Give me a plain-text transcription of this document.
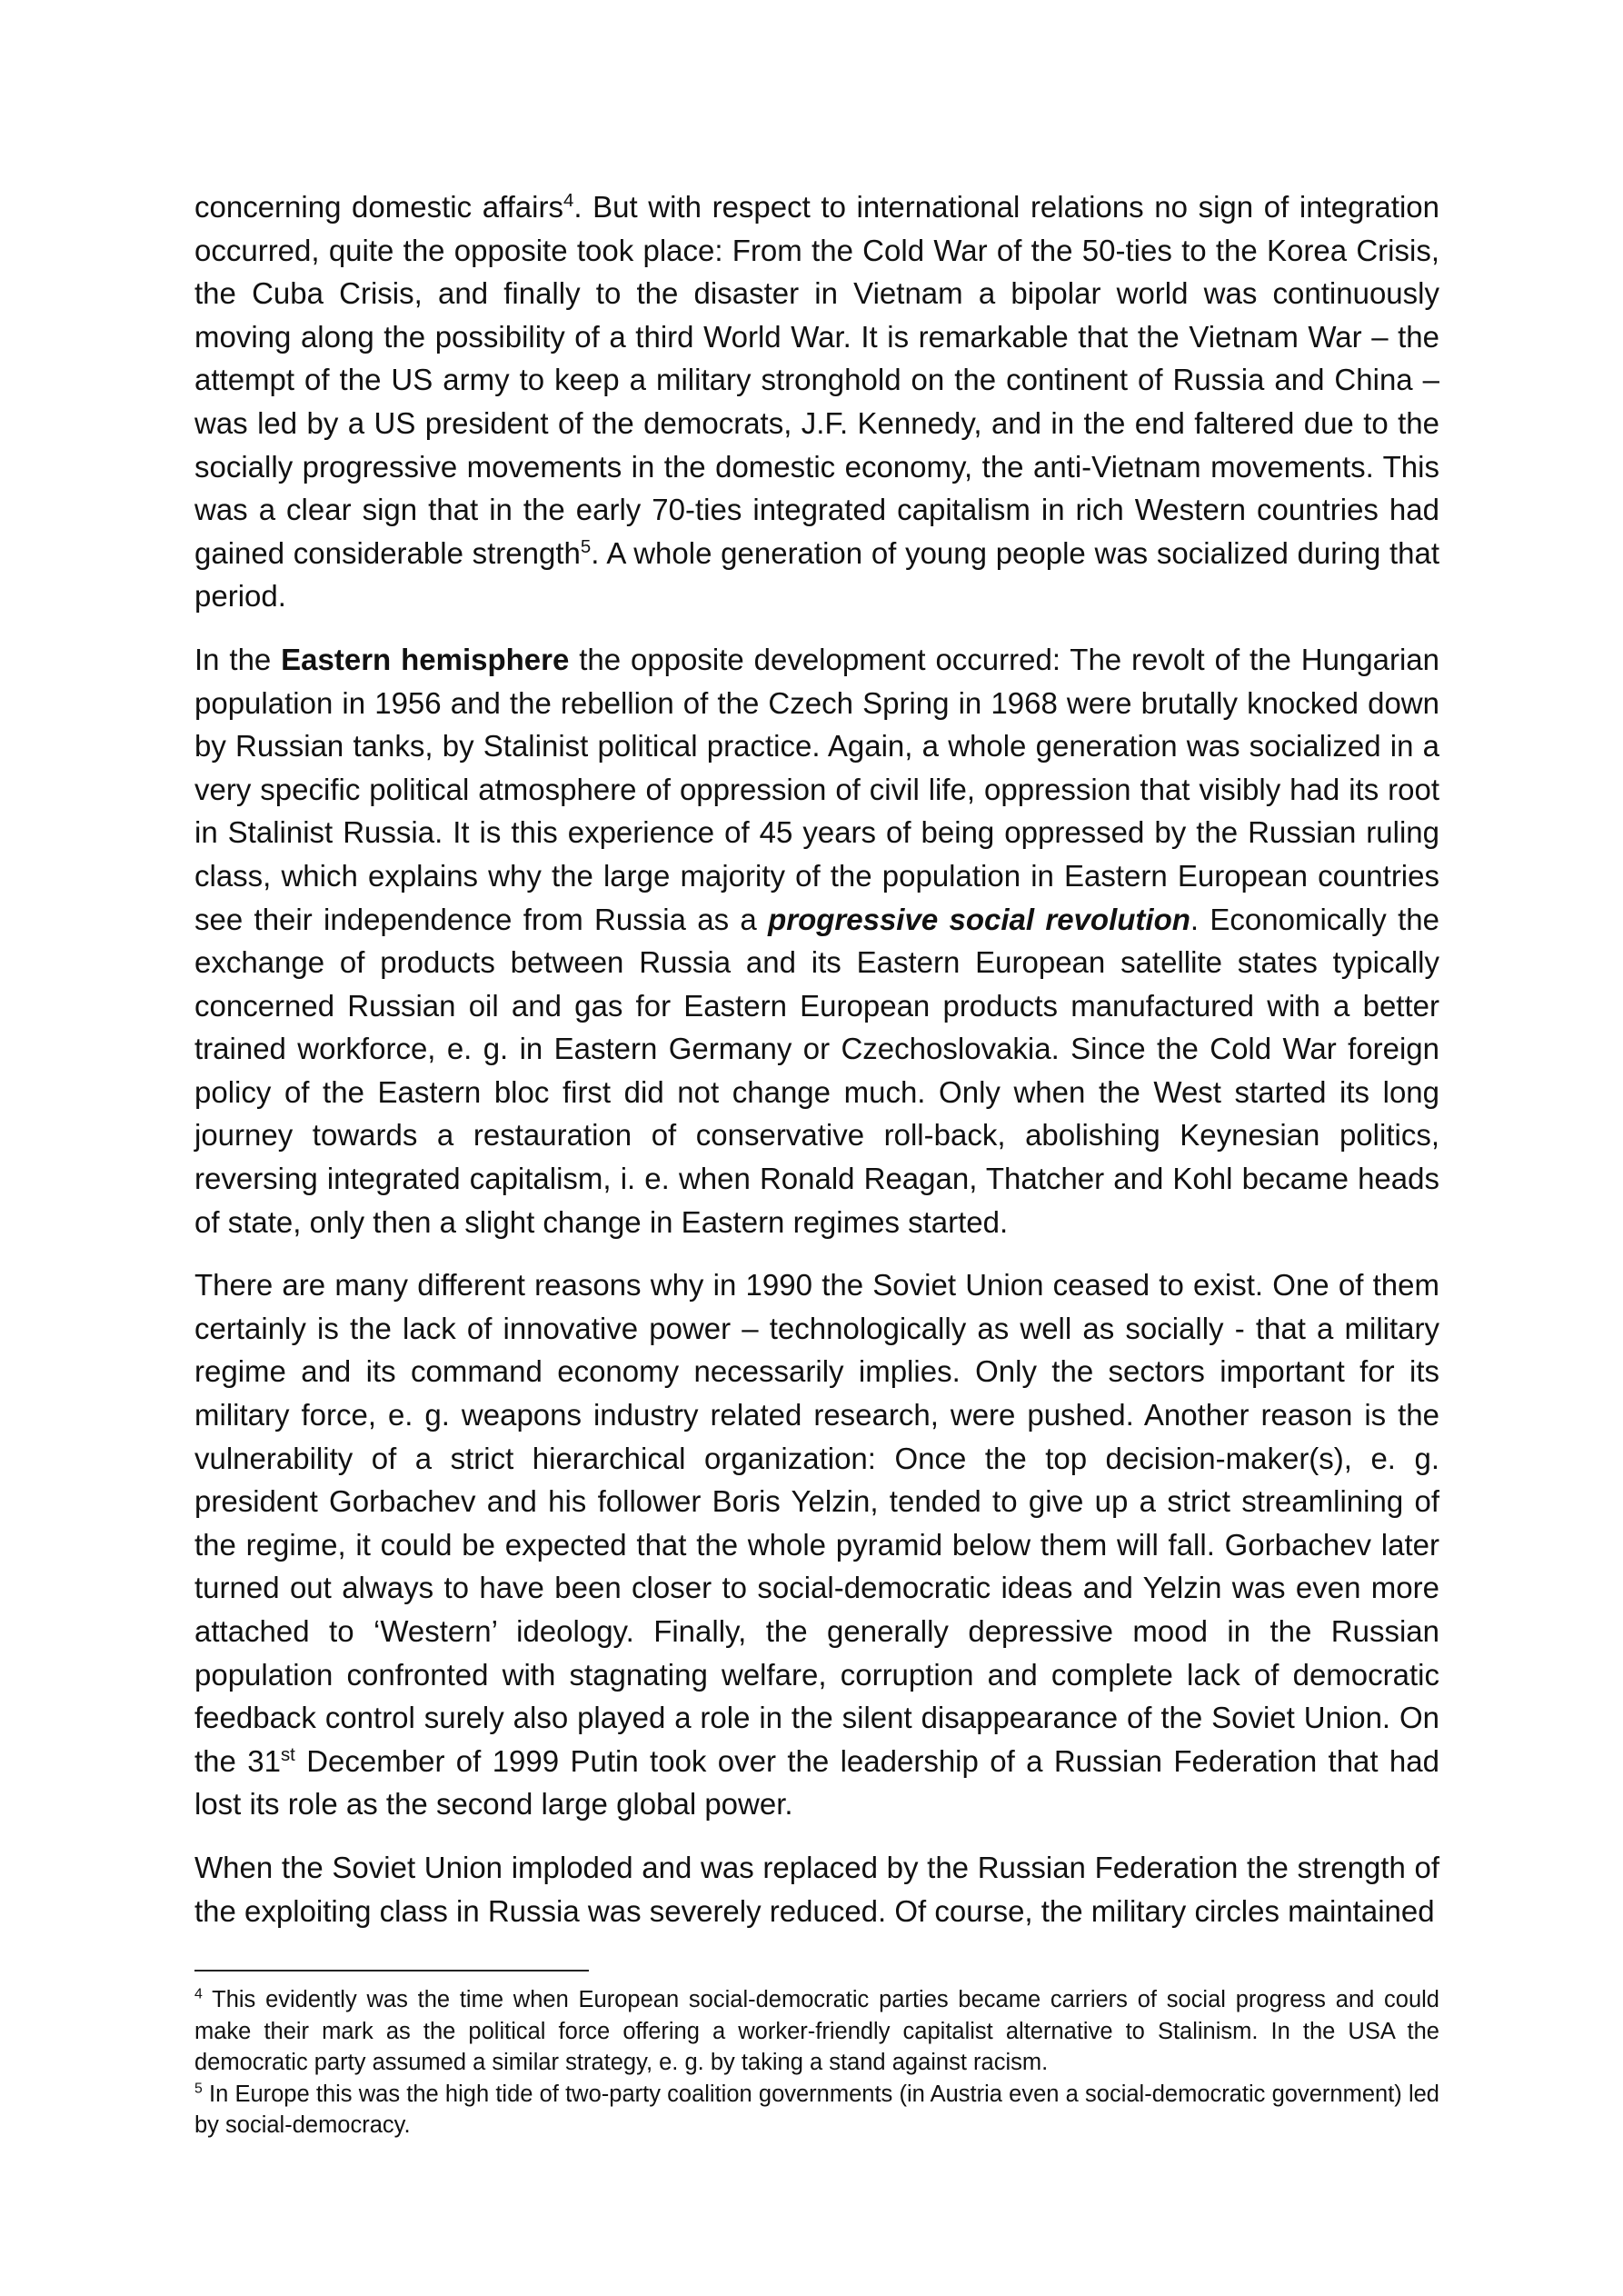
concerning domestic affairs$^4$. But with respect to international relations no sign of integration occurred, quite the opposite took place: From the Cold War of the 50-ties to the Korea Crisis, the Cuba Crisis, and finally to the disaster in Vietnam a bipolar world was continuously moving along the possibility of a third World War. It is remarkable that the Vietnam War – the attempt of the US army to keep a military stronghold on the continent of Russia and China – was led by a US president of the democrats, J.F. Kennedy, and in the end faltered due to the socially progressive movements in the domestic economy, the anti-Vietnam movements. This was a clear sign that in the early 70-ties integrated capitalism in rich Western countries had gained considerable strength$^5$. A whole generation of young people was socialized during that period.

In the Eastern hemisphere the opposite development occurred: The revolt of the Hungarian population in 1956 and the rebellion of the Czech Spring in 1968 were brutally knocked down by Russian tanks, by Stalinist political practice. Again, a whole generation was socialized in a very specific political atmosphere of oppression of civil life, oppression that visibly had its root in Stalinist Russia. It is this experience of 45 years of being oppressed by the Russian ruling class, which explains why the large majority of the population in Eastern European countries see their independence from Russia as a progressive social revolution. Economically the exchange of products between Russia and its Eastern European satellite states typically concerned Russian oil and gas for Eastern European products manufactured with a better trained workforce, e. g. in Eastern Germany or Czechoslovakia. Since the Cold War foreign policy of the Eastern bloc first did not change much. Only when the West started its long journey towards a restauration of conservative roll-back, abolishing Keynesian politics, reversing integrated capitalism, i. e. when Ronald Reagan, Thatcher and Kohl became heads of state, only then a slight change in Eastern regimes started.

There are many different reasons why in 1990 the Soviet Union ceased to exist. One of them certainly is the lack of innovative power – technologically as well as socially - that a military regime and its command economy necessarily implies. Only the sectors important for its military force, e. g. weapons industry related research, were pushed. Another reason is the vulnerability of a strict hierarchical organization: Once the top decision-maker(s), e. g. president Gorbachev and his follower Boris Yelzin, tended to give up a strict streamlining of the regime, it could be expected that the whole pyramid below them will fall. Gorbachev later turned out always to have been closer to social-democratic ideas and Yelzin was even more attached to ‘Western’ ideology. Finally, the generally depressive mood in the Russian population confronted with stagnating welfare, corruption and complete lack of democratic feedback control surely also played a role in the silent disappearance of the Soviet Union. On the 31st December of 1999 Putin took over the leadership of a Russian Federation that had lost its role as the second large global power.

When the Soviet Union imploded and was replaced by the Russian Federation the strength of the exploiting class in Russia was severely reduced. Of course, the military circles maintained

$^4$ This evidently was the time when European social-democratic parties became carriers of social progress and could make their mark as the political force offering a worker-friendly capitalist alternative to Stalinism. In the USA the democratic party assumed a similar strategy, e. g. by taking a stand against racism.

$^5$ In Europe this was the high tide of two-party coalition governments (in Austria even a social-democratic government) led by social-democracy.
